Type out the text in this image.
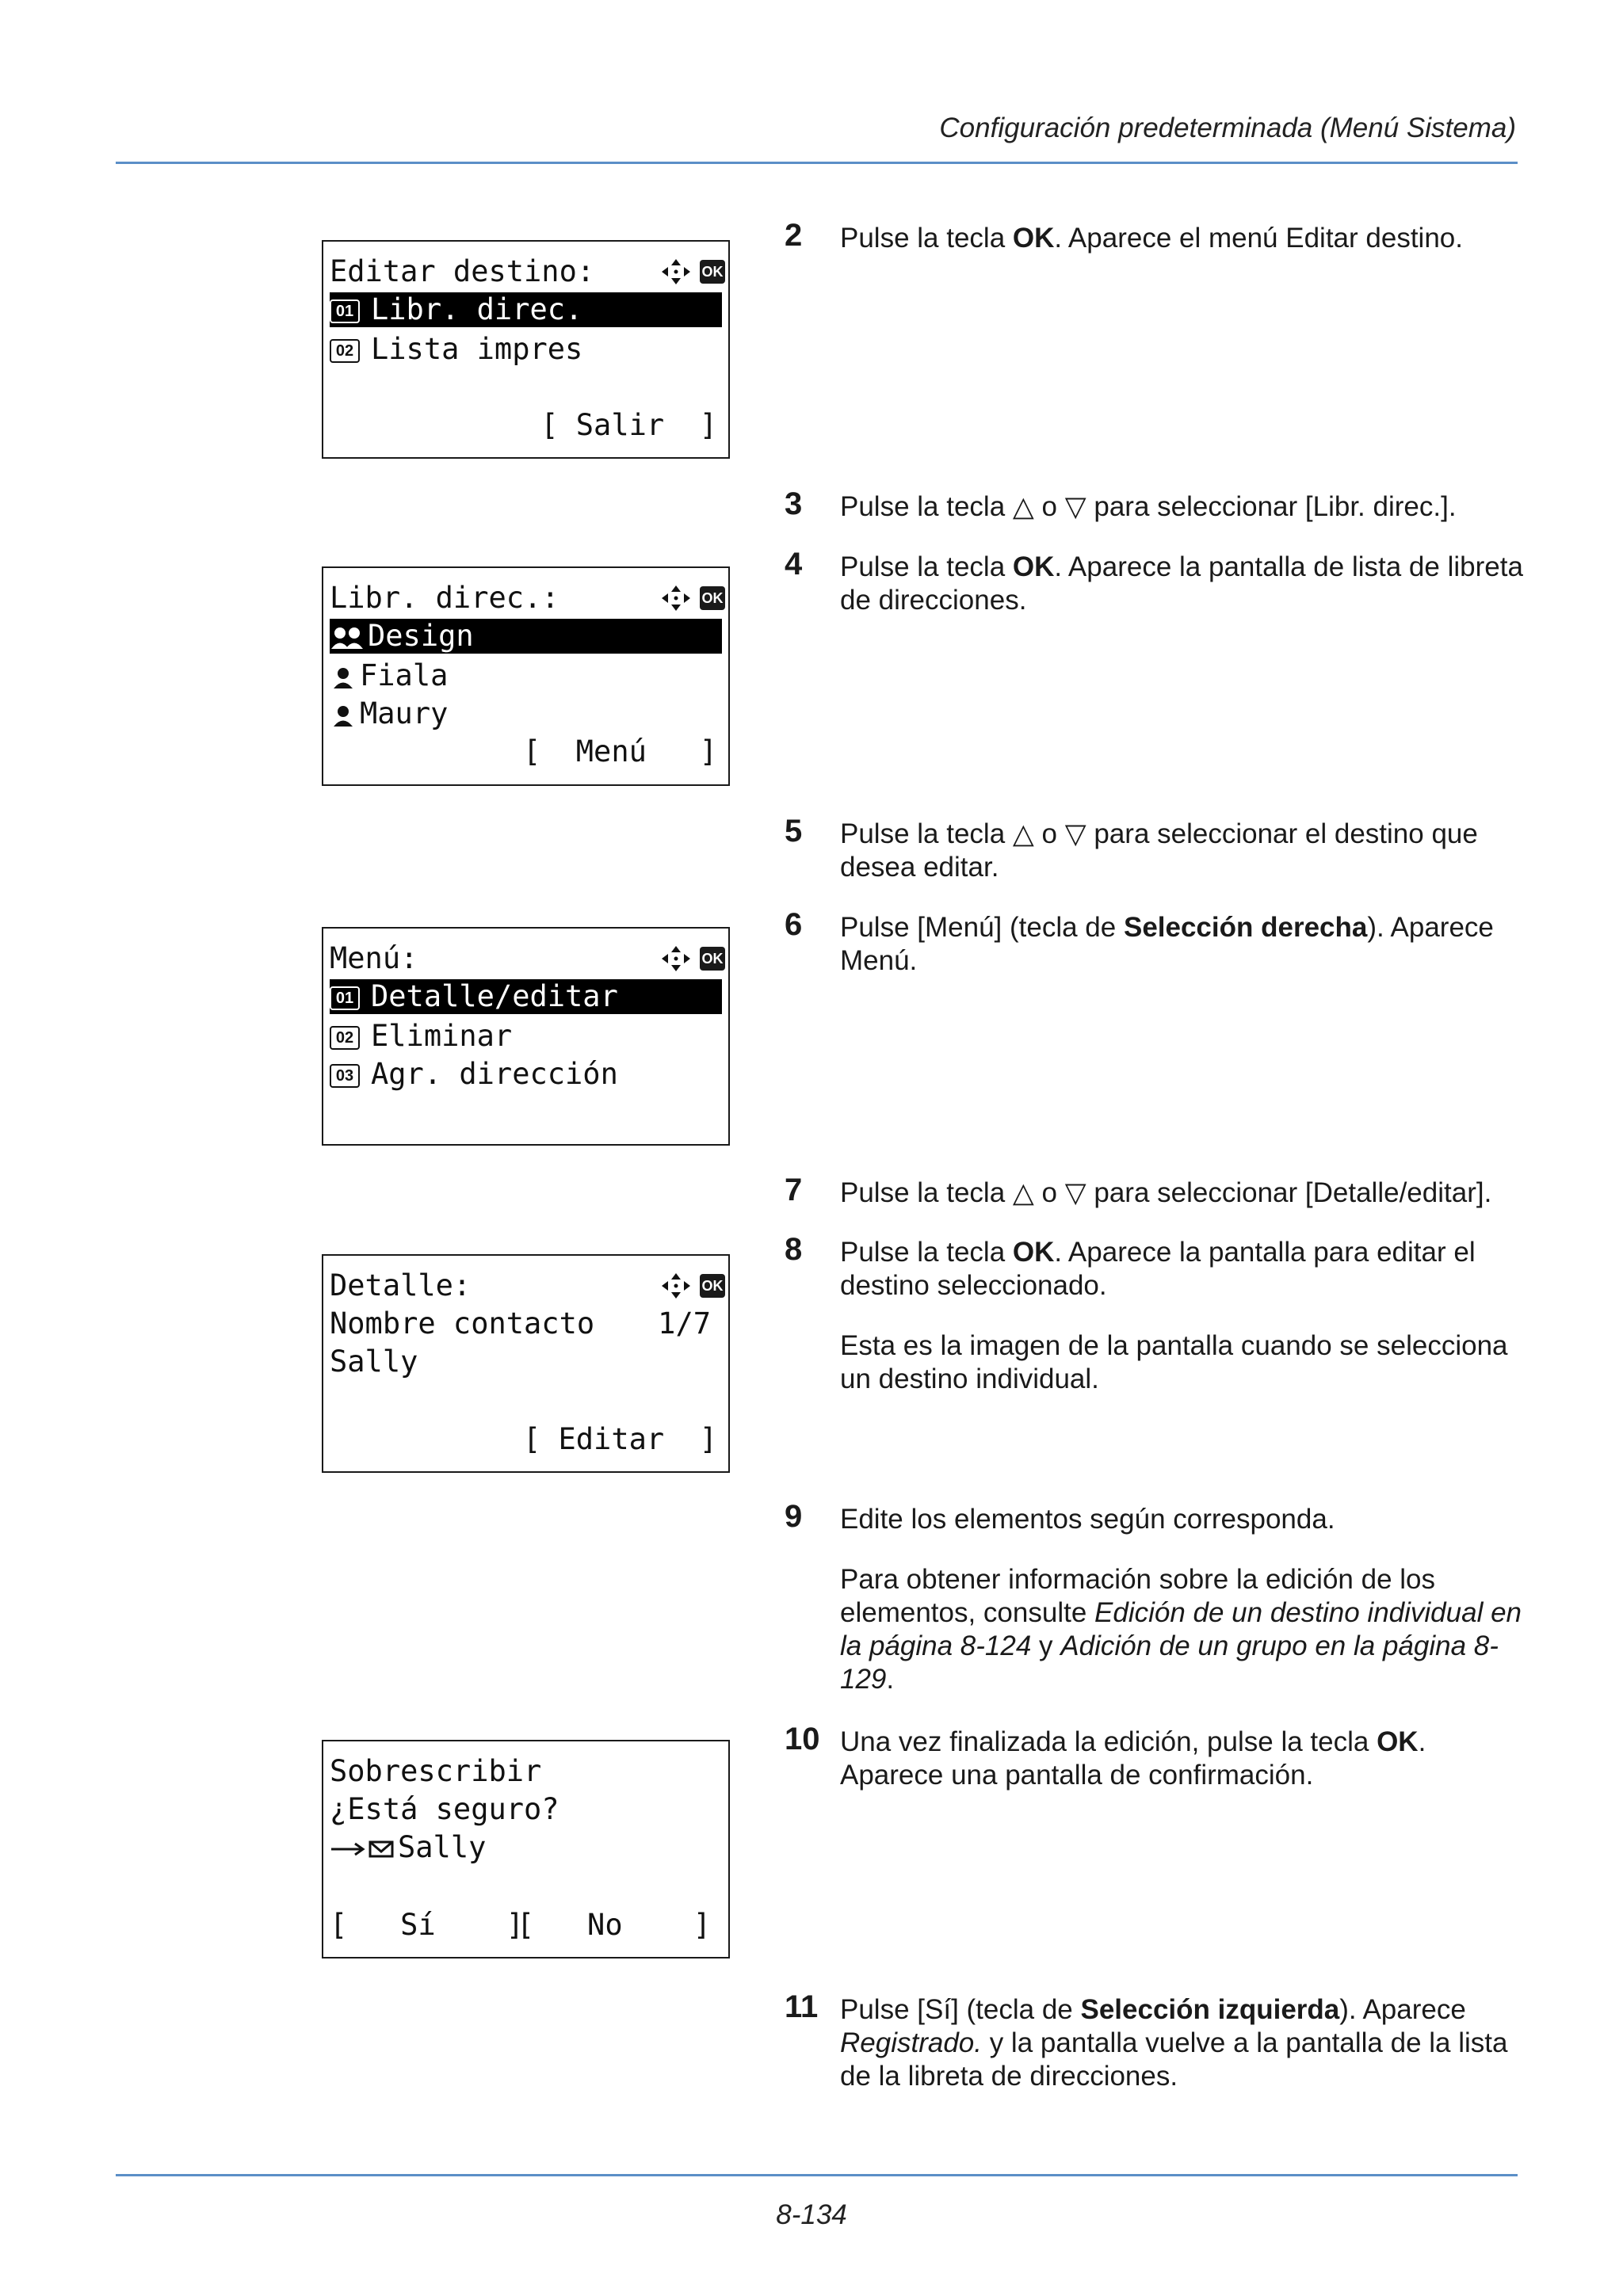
Configuración predeterminada (Menú Sistema)
Editar destino:	OK
01 Libr. direc.
02 Lista impres
[ Salir  ]
Libr. direc.:	OK
Design
Fiala
Maury
[  Menú   ]
Menú:	OK
01 Detalle/editar
02 Eliminar
03 Agr. dirección
Detalle:	OK
Nombre contacto 1/7
Sally
[ Editar  ]
Sobrescribir
¿Está seguro?
Sally
[   Sí    ]
[   No    ]
2 Pulse la tecla OK. Aparece el menú Editar destino.
3 Pulse la tecla △ o ▽ para seleccionar [Libr. direc.].
4 Pulse la tecla OK. Aparece la pantalla de lista de libreta de direcciones.
5 Pulse la tecla △ o ▽ para seleccionar el destino que desea editar.
6 Pulse [Menú] (tecla de Selección derecha). Aparece Menú.
7 Pulse la tecla △ o ▽ para seleccionar [Detalle/editar].
8 Pulse la tecla OK. Aparece la pantalla para editar el destino seleccionado.

Esta es la imagen de la pantalla cuando se selecciona un destino individual.

9 Edite los elementos según corresponda.

Para obtener información sobre la edición de los elementos, consulte Edición de un destino individual en la página 8-124 y Adición de un grupo en la página 8-129.

10 Una vez finalizada la edición, pulse la tecla OK. Aparece una pantalla de confirmación.
11 Pulse [Sí] (tecla de Selección izquierda). Aparece Registrado. y la pantalla vuelve a la pantalla de la lista de la libreta de direcciones.
8-134
